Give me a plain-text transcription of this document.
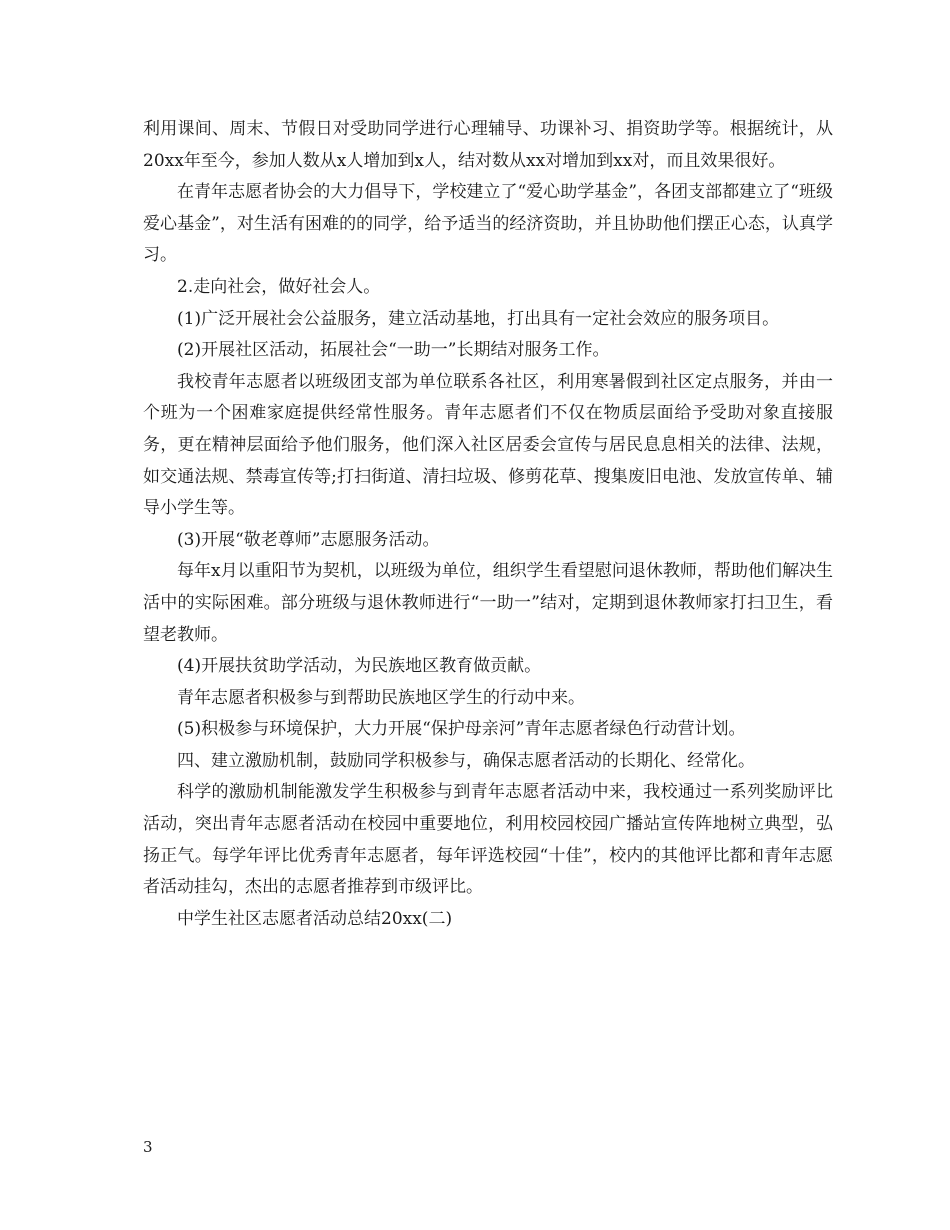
利用课间、周末、节假日对受助同学进行心理辅导、功课补习、捐资助学等。根据统计，从20xx年至今，参加人数从x人增加到x人，结对数从xx对增加到xx对，而且效果很好。

在青年志愿者协会的大力倡导下，学校建立了“爱心助学基金”，各团支部都建立了“班级爱心基金”，对生活有困难的的同学，给予适当的经济资助，并且协助他们摆正心态，认真学习。

2.走向社会，做好社会人。

(1)广泛开展社会公益服务，建立活动基地，打出具有一定社会效应的服务项目。

(2)开展社区活动，拓展社会“一助一”长期结对服务工作。

我校青年志愿者以班级团支部为单位联系各社区，利用寒暑假到社区定点服务，并由一个班为一个困难家庭提供经常性服务。青年志愿者们不仅在物质层面给予受助对象直接服务，更在精神层面给予他们服务，他们深入社区居委会宣传与居民息息相关的法律、法规，如交通法规、禁毒宣传等;打扫街道、清扫垃圾、修剪花草、搜集废旧电池、发放宣传单、辅导小学生等。

(3)开展“敬老尊师”志愿服务活动。

每年x月以重阳节为契机，以班级为单位，组织学生看望慰问退休教师，帮助他们解决生活中的实际困难。部分班级与退休教师进行“一助一”结对，定期到退休教师家打扫卫生，看望老教师。

(4)开展扶贫助学活动，为民族地区教育做贡献。

青年志愿者积极参与到帮助民族地区学生的行动中来。

(5)积极参与环境保护，大力开展“保护母亲河”青年志愿者绿色行动营计划。

四、建立激励机制，鼓励同学积极参与，确保志愿者活动的长期化、经常化。

科学的激励机制能激发学生积极参与到青年志愿者活动中来，我校通过一系列奖励评比活动，突出青年志愿者活动在校园中重要地位，利用校园校园广播站宣传阵地树立典型，弘扬正气。每学年评比优秀青年志愿者，每年评选校园“十佳”，校内的其他评比都和青年志愿者活动挂勾，杰出的志愿者推荐到市级评比。

中学生社区志愿者活动总结20xx(二)

3
